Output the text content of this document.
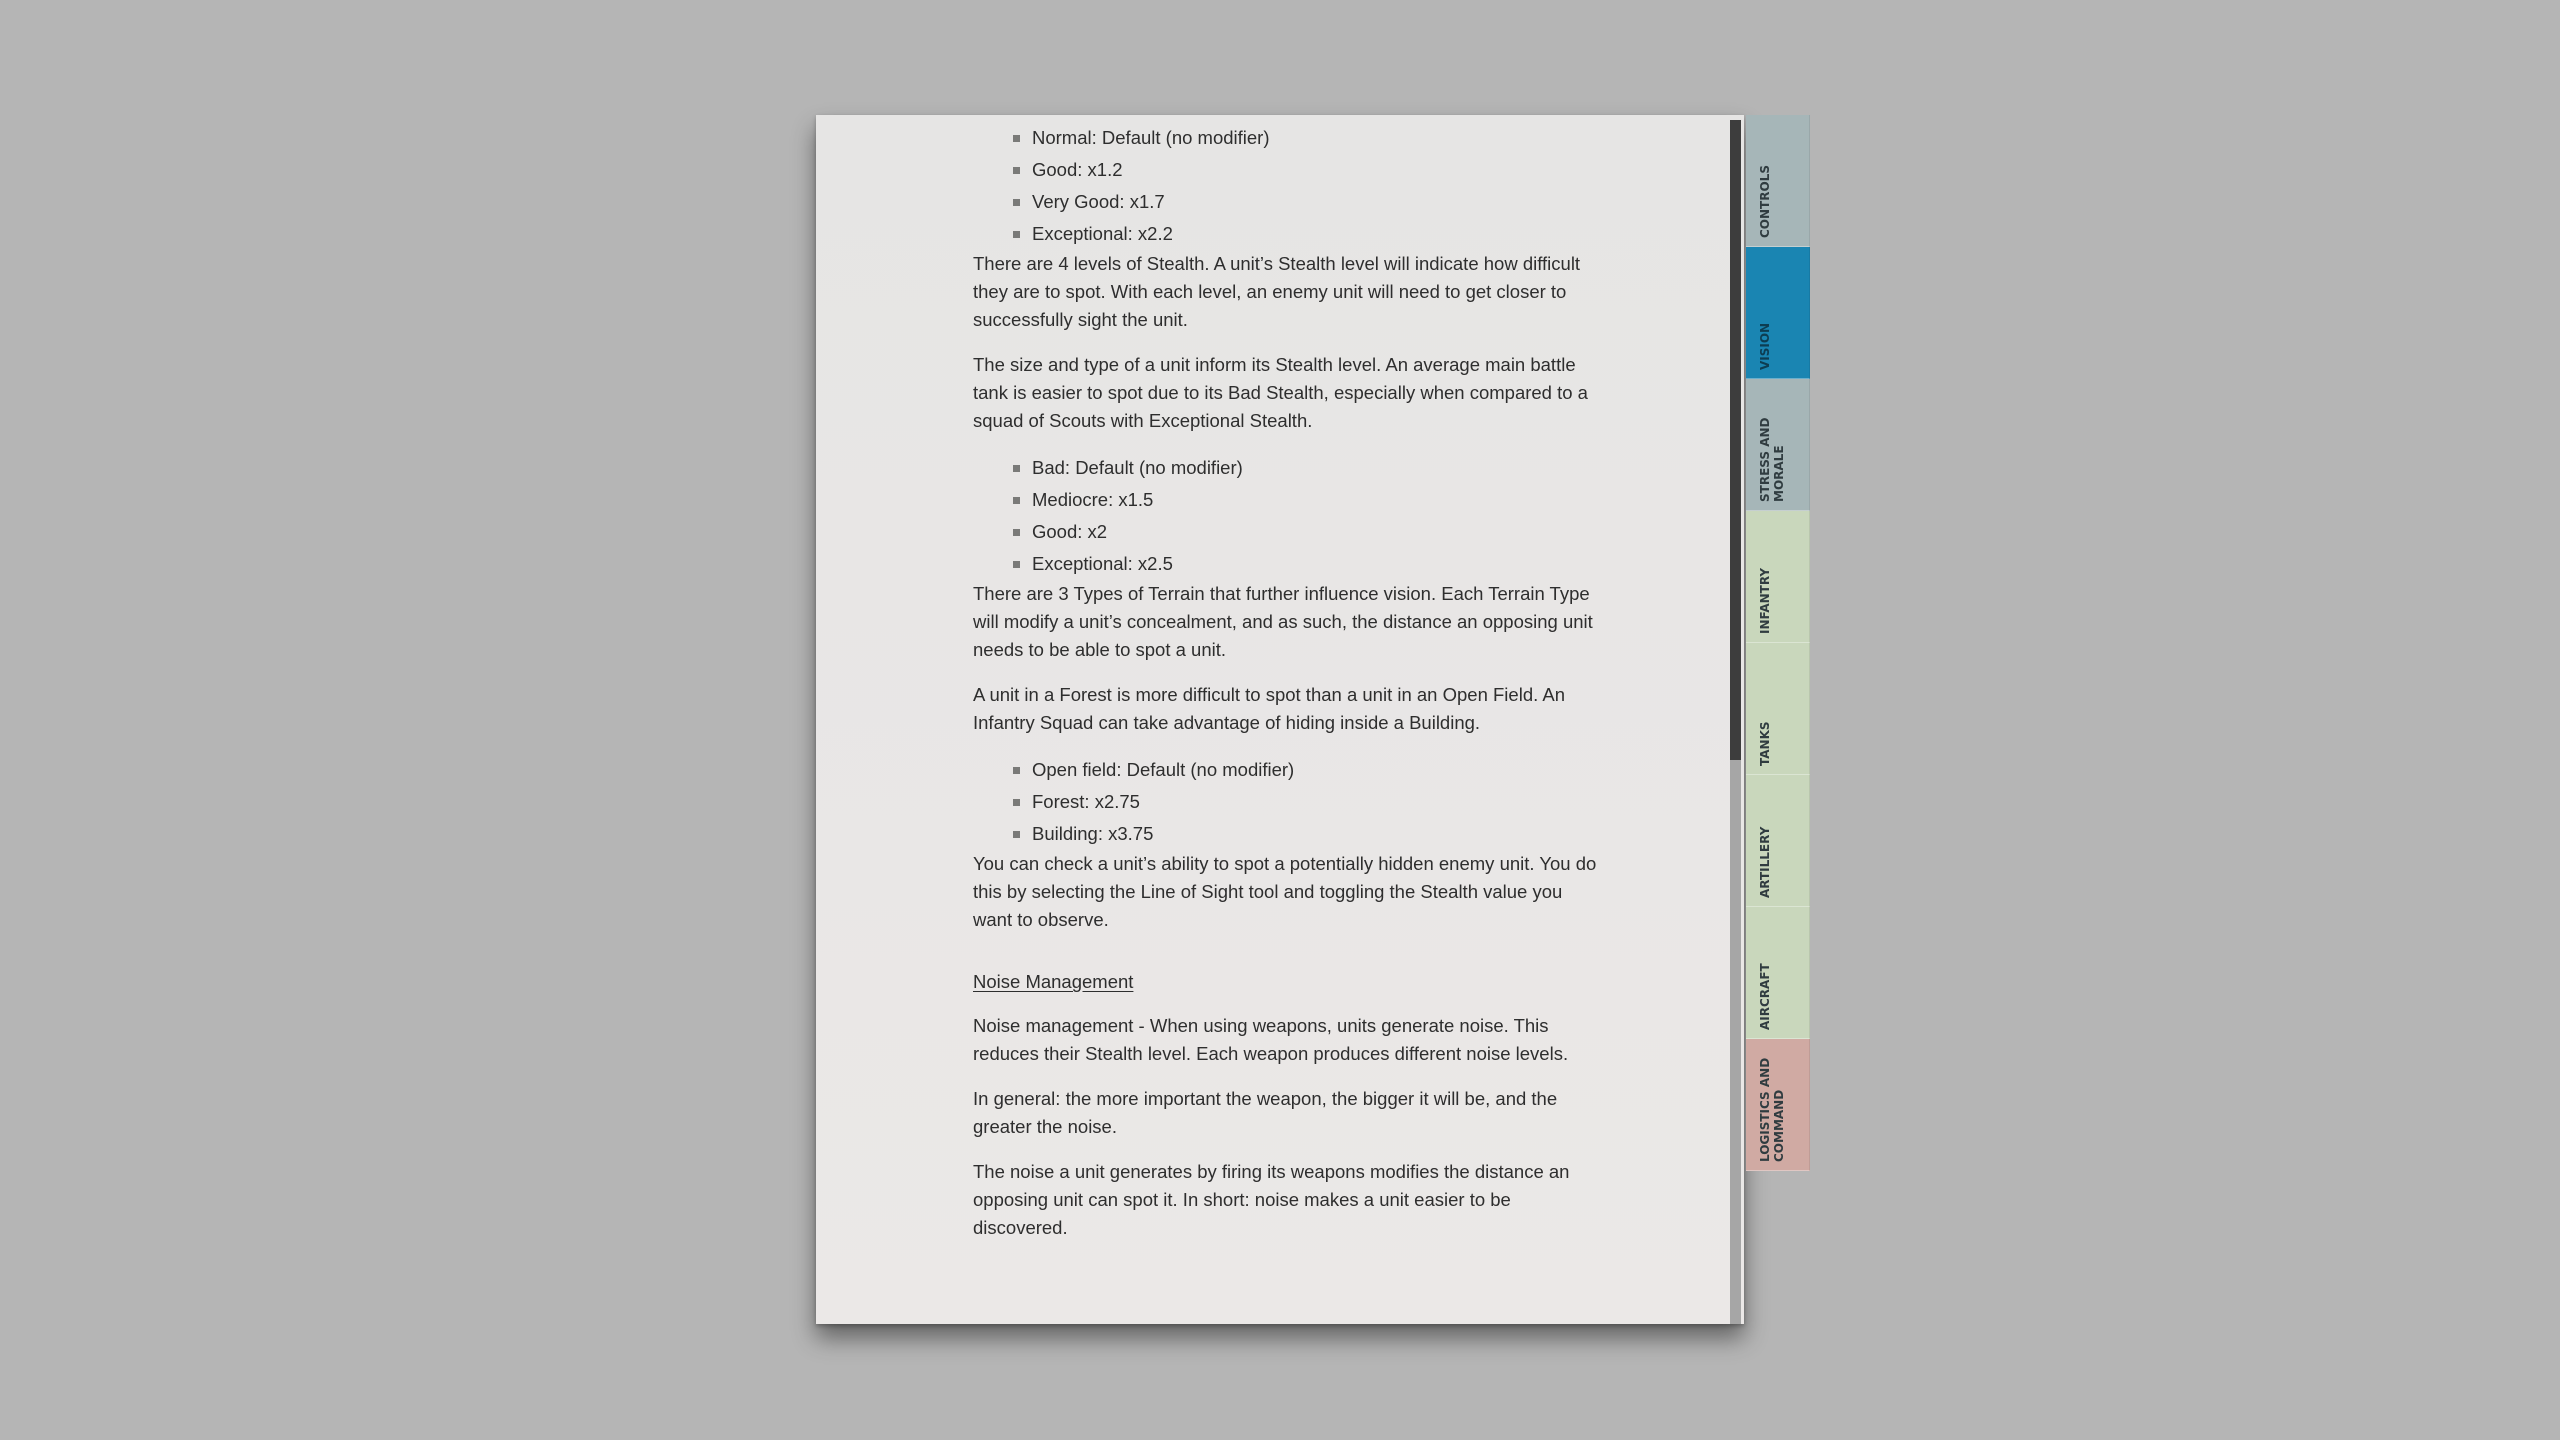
Normal: Default (no modifier)
Good: x1.2
Very Good: x1.7
Exceptional: x2.2

There are 4 levels of Stealth. A unit’s Stealth level will indicate how difficult they are to spot. With each level, an enemy unit will need to get closer to successfully sight the unit.

The size and type of a unit inform its Stealth level. An average main battle tank is easier to spot due to its Bad Stealth, especially when compared to a squad of Scouts with Exceptional Stealth.

Bad: Default (no modifier)
Mediocre: x1.5
Good: x2
Exceptional: x2.5

There are 3 Types of Terrain that further influence vision. Each Terrain Type will modify a unit’s concealment, and as such, the distance an opposing unit needs to be able to spot a unit.

A unit in a Forest is more difficult to spot than a unit in an Open Field. An Infantry Squad can take advantage of hiding inside a Building.

Open field: Default (no modifier)
Forest: x2.75
Building: x3.75

You can check a unit’s ability to spot a potentially hidden enemy unit. You do this by selecting the Line of Sight tool and toggling the Stealth value you want to observe.

Noise Management

Noise management - When using weapons, units generate noise. This reduces their Stealth level. Each weapon produces different noise levels.

In general: the more important the weapon, the bigger it will be, and the greater the noise.

The noise a unit generates by firing its weapons modifies the distance an opposing unit can spot it. In short: noise makes a unit easier to be discovered.

CONTROLS
VISION
STRESS AND MORALE
INFANTRY
TANKS
ARTILLERY
AIRCRAFT
LOGISTICS AND COMMAND
